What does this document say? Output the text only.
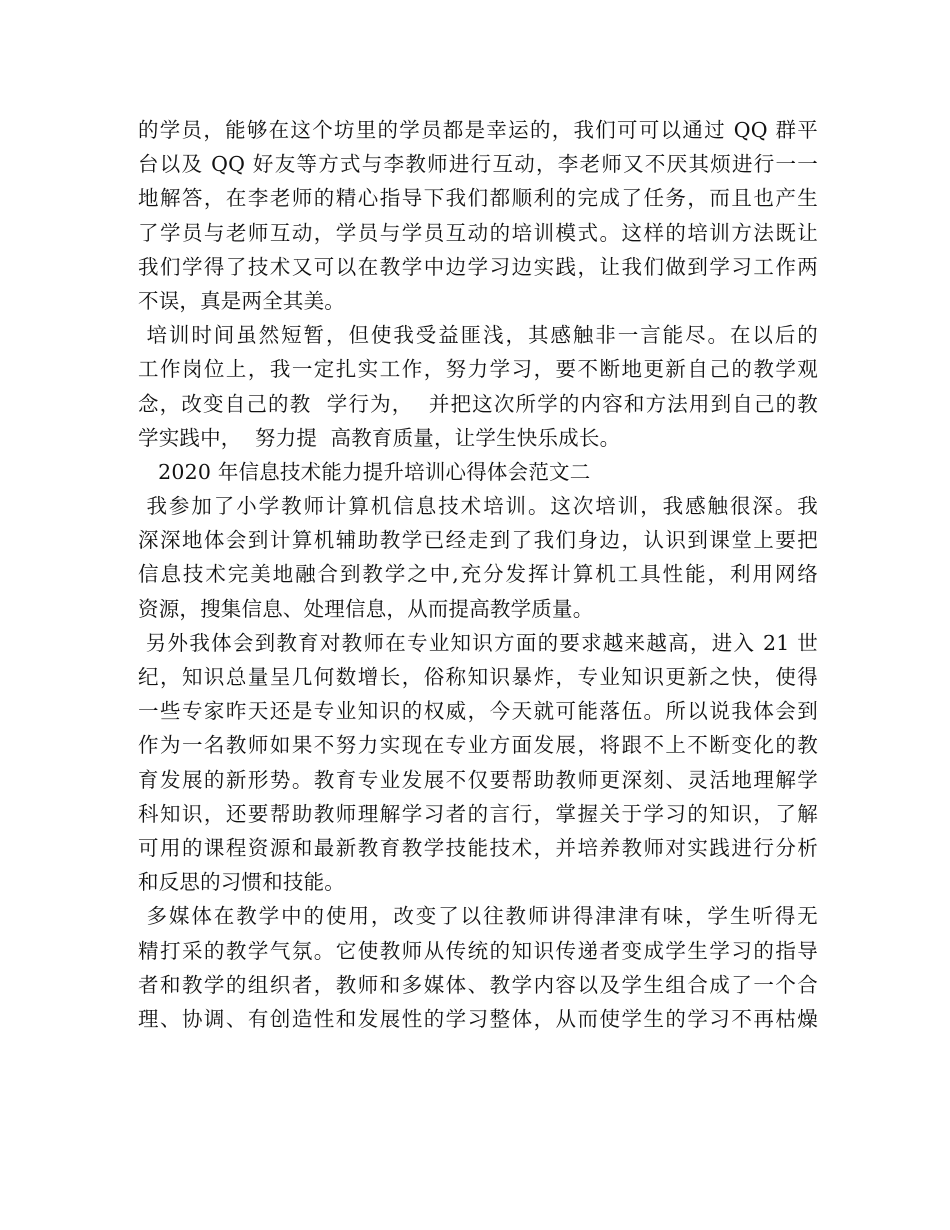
的学员，能够在这个坊里的学员都是幸运的，我们可可以通过 QQ 群平
台以及 QQ 好友等方式与李教师进行互动，李老师又不厌其烦进行一一
地解答，在李老师的精心指导下我们都顺利的完成了任务，而且也产生
了学员与老师互动，学员与学员互动的培训模式。这样的培训方法既让
我们学得了技术又可以在教学中边学习边实践，让我们做到学习工作两
不误，真是两全其美。
培训时间虽然短暂，但使我受益匪浅，其感触非一言能尽。在以后的
工作岗位上，我一定扎实工作，努力学习，要不断地更新自己的教学观
念，改变自己的教  学行为，  并把这次所学的内容和方法用到自己的教
学实践中，  努力提  高教育质量，让学生快乐成长。
2020 年信息技术能力提升培训心得体会范文二
我参加了小学教师计算机信息技术培训。这次培训，我感触很深。我
深深地体会到计算机辅助教学已经走到了我们身边，认识到课堂上要把
信息技术完美地融合到教学之中,充分发挥计算机工具性能，利用网络
资源，搜集信息、处理信息，从而提高教学质量。
另外我体会到教育对教师在专业知识方面的要求越来越高，进入 21 世
纪，知识总量呈几何数增长，俗称知识暴炸，专业知识更新之快，使得
一些专家昨天还是专业知识的权威，今天就可能落伍。所以说我体会到
作为一名教师如果不努力实现在专业方面发展，将跟不上不断变化的教
育发展的新形势。教育专业发展不仅要帮助教师更深刻、灵活地理解学
科知识，还要帮助教师理解学习者的言行，掌握关于学习的知识，了解
可用的课程资源和最新教育教学技能技术，并培养教师对实践进行分析
和反思的习惯和技能。
多媒体在教学中的使用，改变了以往教师讲得津津有味，学生听得无
精打采的教学气氛。它使教师从传统的知识传递者变成学生学习的指导
者和教学的组织者，教师和多媒体、教学内容以及学生组合成了一个合
理、协调、有创造性和发展性的学习整体，从而使学生的学习不再枯燥
